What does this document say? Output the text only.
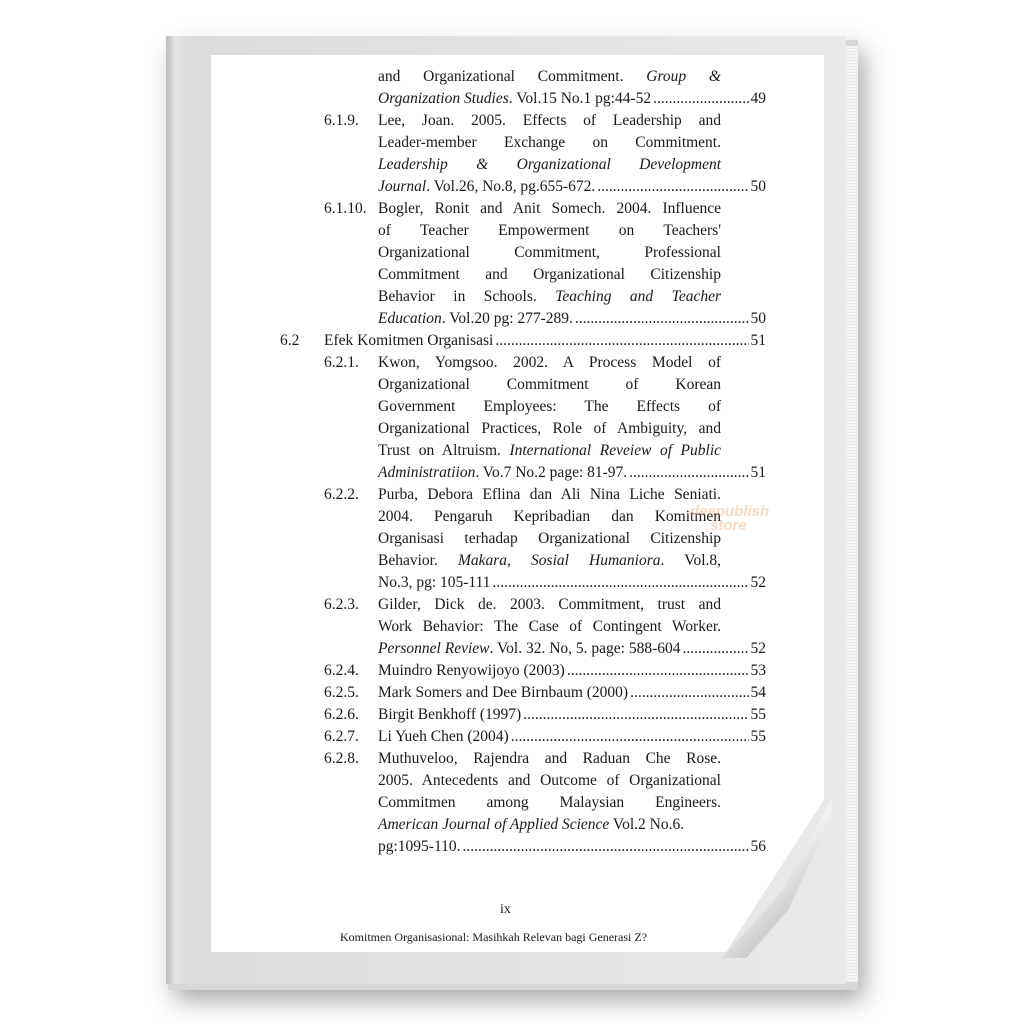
and Organizational Commitment. Group &
Organization Studies. Vol.15 No.1 pg:44-52 .....	49
6.1.9. Lee, Joan. 2005. Effects of Leadership and
Leader-member Exchange on Commitment.
Leadership & Organizational Development
Journal. Vol.26, No.8, pg.655-672. .....	50
6.1.10. Bogler, Ronit and Anit Somech. 2004. Influence
of Teacher Empowerment on Teachers'
Organizational Commitment, Professional
Commitment and Organizational Citizenship
Behavior in Schools. Teaching and Teacher
Education. Vol.20 pg: 277-289. .....	50
6.2 Efek Komitmen Organisasi .....	51
6.2.1. Kwon, Yomgsoo. 2002. A Process Model of
Organizational Commitment of Korean
Government Employees: The Effects of
Organizational Practices, Role of Ambiguity, and
Trust on Altruism. International Reveiew of Public
Administratiion. Vo.7 No.2 page: 81-97. .....	51
6.2.2. Purba, Debora Eflina dan Ali Nina Liche Seniati.
2004. Pengaruh Kepribadian dan Komitmen
Organisasi terhadap Organizational Citizenship
Behavior. Makara, Sosial Humaniora. Vol.8,
No.3, pg: 105-111 .....	52
6.2.3. Gilder, Dick de. 2003. Commitment, trust and
Work Behavior: The Case of Contingent Worker.
Personnel Review. Vol. 32. No, 5. page: 588-604 .....	52
6.2.4. Muindro Renyowijoyo (2003) .....	53
6.2.5. Mark Somers and Dee Birnbaum (2000) .....	54
6.2.6. Birgit Benkhoff (1997) .....	55
6.2.7. Li Yueh Chen (2004) .....	55
6.2.8. Muthuveloo, Rajendra and Raduan Che Rose.
2005. Antecedents and Outcome of Organizational
Commitmen among Malaysian Engineers.
American Journal of Applied Science Vol.2 No.6.
pg:1095-110. .....	56
deepublish
store
ix
Komitmen Organisasional: Masihkah Relevan bagi Generasi Z?
